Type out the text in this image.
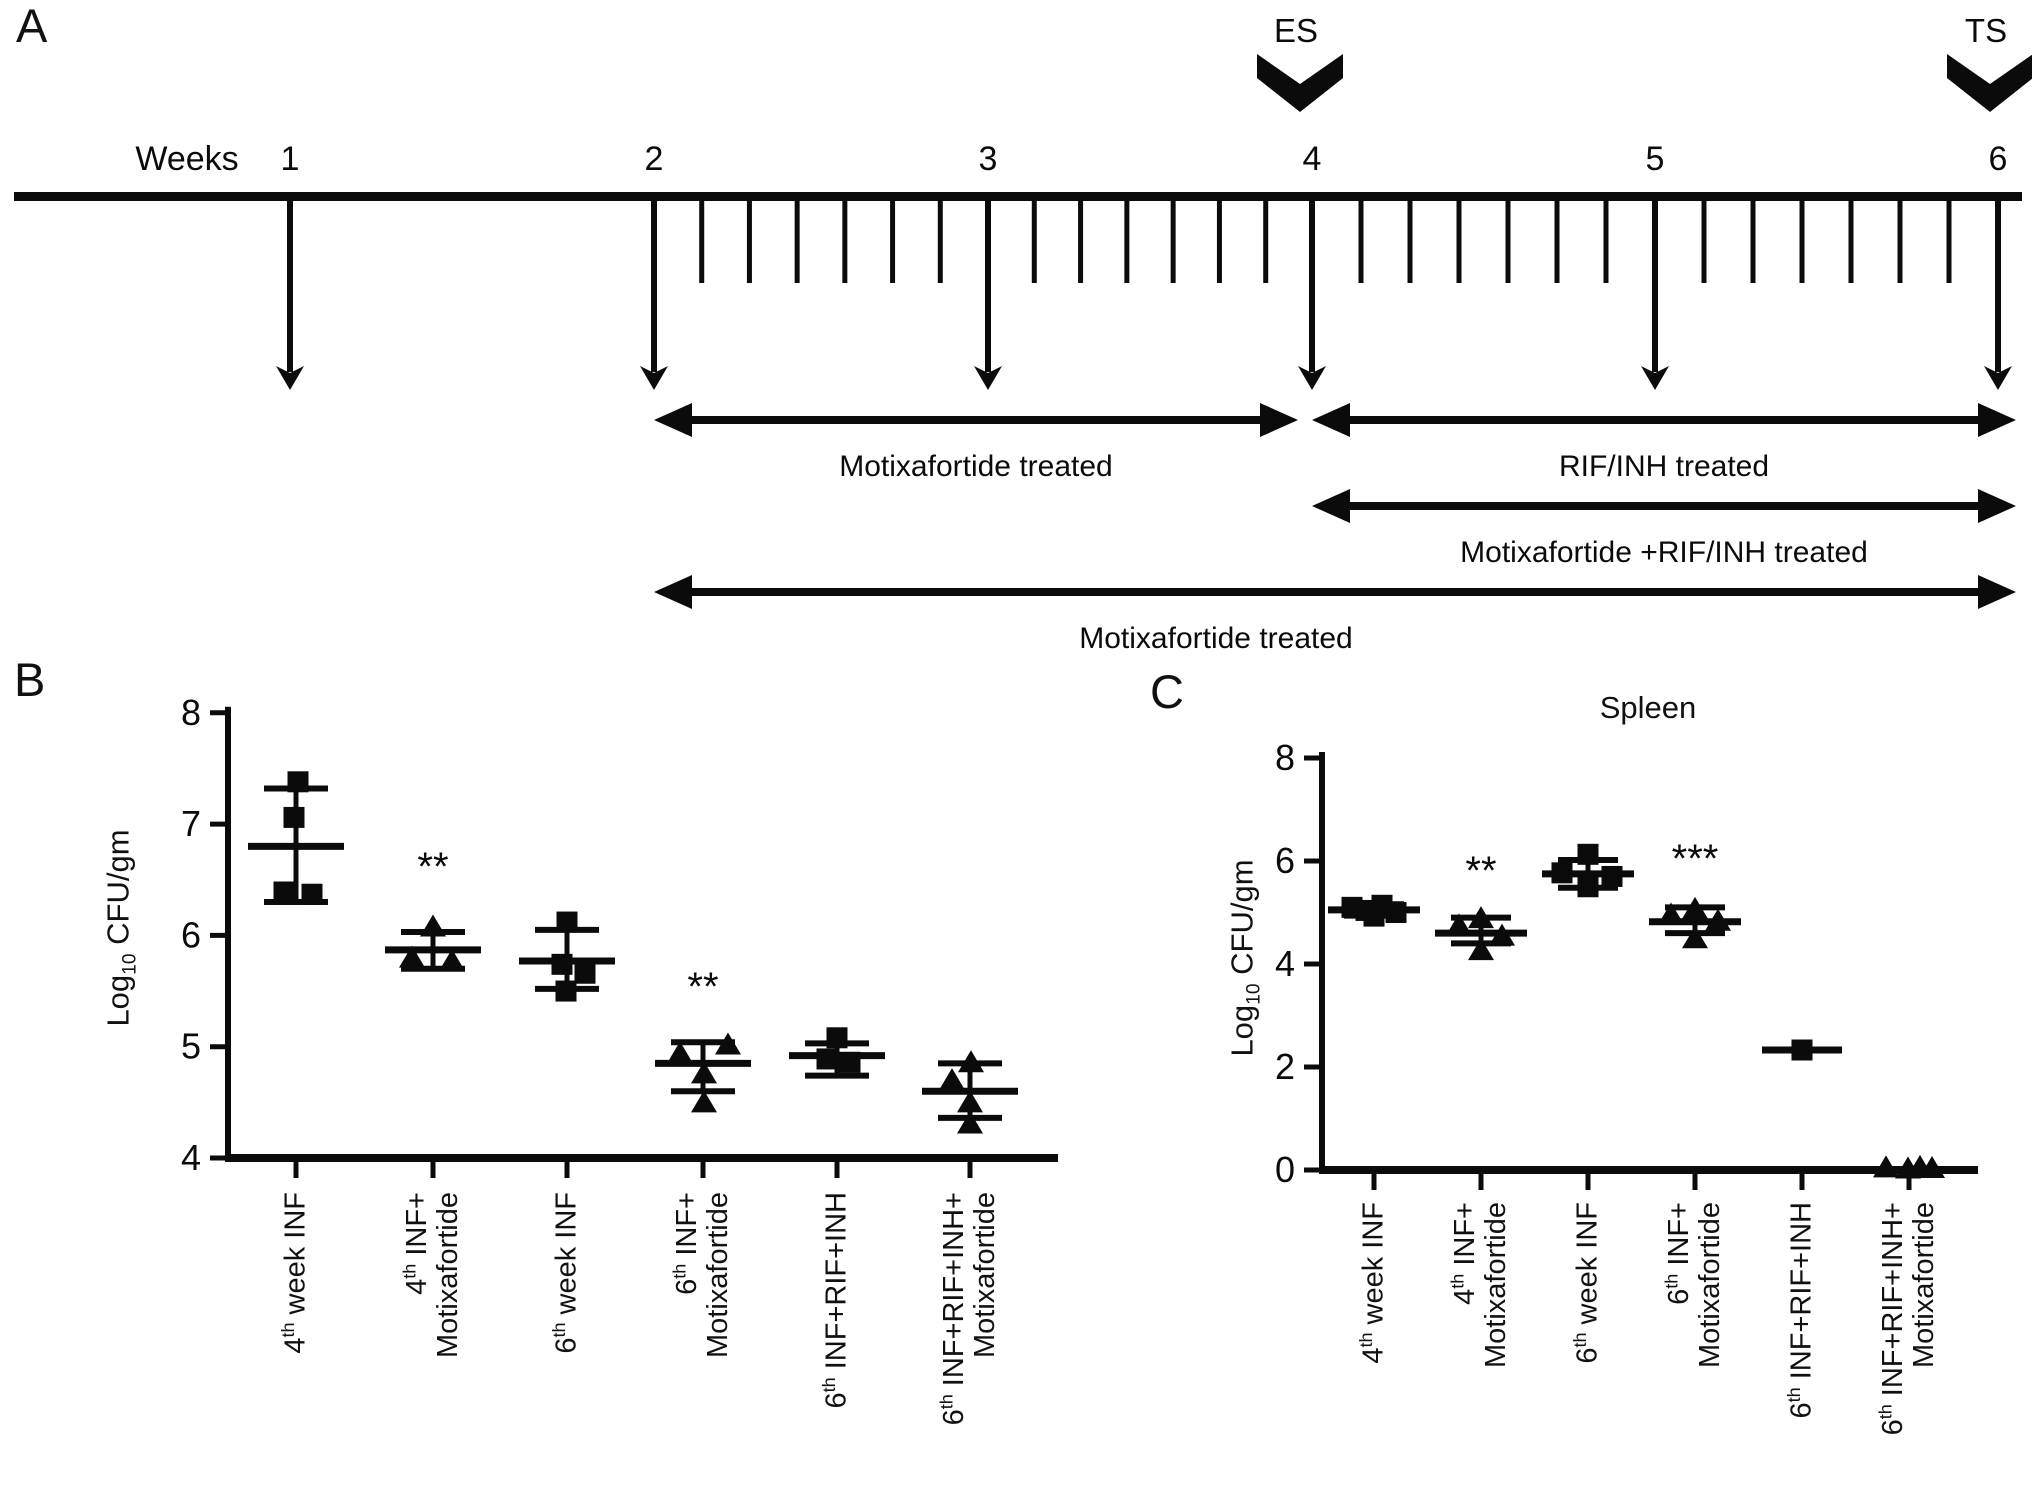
Weeks 1	2	3	4	5	6
ES	TS
Motixafortide treated	RIF/INH treated
Motixafortide +RIF/INH treated
Motixafortide treated
4
5
6
7
8
**
**
0
2
4
6
8
**	***
A
B	C	Spleen
Log$_{10}$ CFU/gm
Log$_{10}$ CFU/gm
4th week INF	4th INF+
Motixafortide	6th week INF	6th INF+
Motixafortide
6th INF+RIF+INH
6th INF+RIF+INH+
Motixafortide	4th week INF 4th INF+
Motixafortide 6th week INF 6th INF+
Motixafortide
6th INF+RIF+INH
6th INF+RIF+INH+
Motixafortide
